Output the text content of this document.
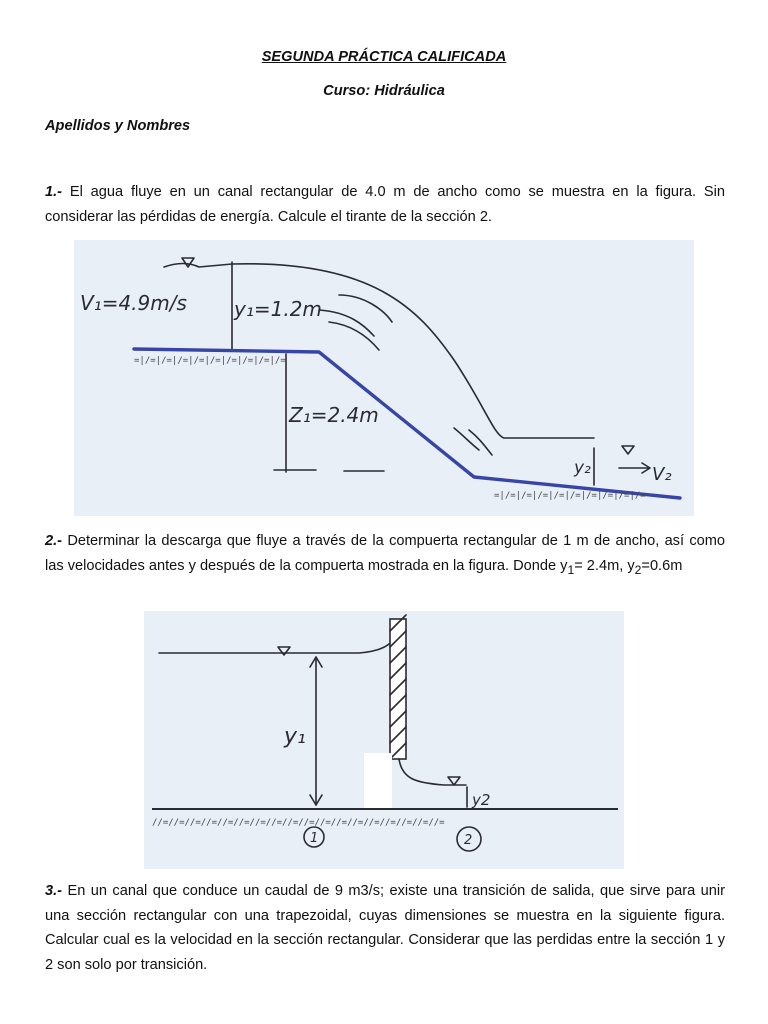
SEGUNDA PRÁCTICA CALIFICADA
Curso: Hidráulica
Apellidos y Nombres
1.- El agua fluye en un canal rectangular de 4.0 m de ancho como se muestra en la figura. Sin considerar las pérdidas de energía. Calcule el tirante de la sección 2.
V₁=4.9m/s y₁=1.2m
Z₁=2.4m
y₂	V₂
=|/=|/=|/=|/=|/=|/=|/=|/=|/=
=|/=|/=|/=|/=|/=|/=|/=|/=|/=
2.- Determinar la descarga que fluye a través de la compuerta rectangular de 1 m de ancho, así como las velocidades antes y después de la compuerta mostrada en la figura. Donde $y_1= 2.4m$, $y_2=0.6m$
y₁
y2
//=//=//=//=//=//=//=//=//=//=//=//=//=//=//=//=//=//=
1	2
3.- En un canal que conduce un caudal de 9 m3/s; existe una transición de salida, que sirve para unir una sección rectangular con una trapezoidal, cuyas dimensiones se muestra en la siguiente figura. Calcular cual es la velocidad en la sección rectangular. Considerar que las perdidas entre la sección 1 y 2 son solo por transición.
